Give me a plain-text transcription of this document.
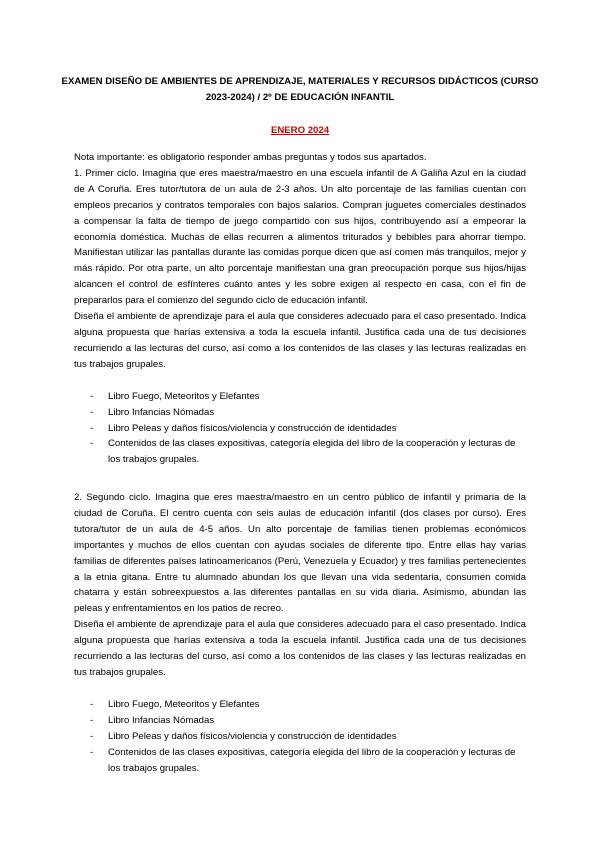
EXAMEN DISEÑO DE AMBIENTES DE APRENDIZAJE, MATERIALES Y RECURSOS DIDÁCTICOS (CURSO 2023-2024) / 2º DE EDUCACIÓN INFANTIL
ENERO 2024

Nota importante: es obligatorio responder ambas preguntas y todos sus apartados.

1. Primer ciclo. Imagina que eres maestra/maestro en una escuela infantil de A Galiña Azul en la ciudad de A Coruña. Eres tutor/tutora de un aula de 2-3 años. Un alto porcentaje de las familias cuentan con empleos precarios y contratos temporales con bajos salarios. Compran juguetes comerciales destinados a compensar la falta de tiempo de juego compartido con sus hijos, contribuyendo así a empeorar la economía doméstica. Muchas de ellas recurren a alimentos triturados y bebibles para ahorrar tiempo. Manifiestan utilizar las pantallas durante las comidas porque dicen que así comen más tranquilos, mejor y más rápido. Por otra parte, un alto porcentaje manifiestan una gran preocupación porque sus hijos/hijas alcancen el control de esfínteres cuánto antes y les sobre exigen al respecto en casa, con el fin de prepararlos para el comienzo del segundo ciclo de educación infantil.

Diseña el ambiente de aprendizaje para el aula que consideres adecuado para el caso presentado. Indica alguna propuesta que harías extensiva a toda la escuela infantil. Justifica cada una de tus decisiones recurriendo a las lecturas del curso, así como a los contenidos de las clases y las lecturas realizadas en tus trabajos grupales.

- Libro Fuego, Meteoritos y Elefantes
- Libro Infancias Nómadas
- Libro Peleas y daños físicos/violencia y construcción de identidades
- Contenidos de las clases expositivas, categoría elegida del libro de la cooperación y lecturas de los trabajos grupales.

2. Segundo ciclo. Imagina que eres maestra/maestro en un centro público de infantil y primaria de la ciudad de Coruña. El centro cuenta con seis aulas de educación infantil (dos clases por curso). Eres tutora/tutor de un aula de 4-5 años. Un alto porcentaje de familias tienen problemas económicos importantes y muchos de ellos cuentan con ayudas sociales de diferente tipo. Entre ellas hay varias familias de diferentes países latinoamericanos (Perú, Venezuela y Ecuador) y tres familias pertenecientes a la etnia gitana. Entre tu alumnado abundan los que llevan una vida sedentaria, consumen comida chatarra y están sobreexpuestos a las diferentes pantallas en su vida diaria. Asimismo, abundan las peleas y enfrentamientos en los patios de recreo.

Diseña el ambiente de aprendizaje para el aula que consideres adecuado para el caso presentado. Indica alguna propuesta que harías extensiva a toda la escuela infantil. Justifica cada una de tus decisiones recurriendo a las lecturas del curso, así como a los contenidos de las clases y las lecturas realizadas en tus trabajos grupales.

- Libro Fuego, Meteoritos y Elefantes
- Libro Infancias Nómadas
- Libro Peleas y daños físicos/violencia y construcción de identidades
- Contenidos de las clases expositivas, categoría elegida del libro de la cooperación y lecturas de los trabajos grupales.
